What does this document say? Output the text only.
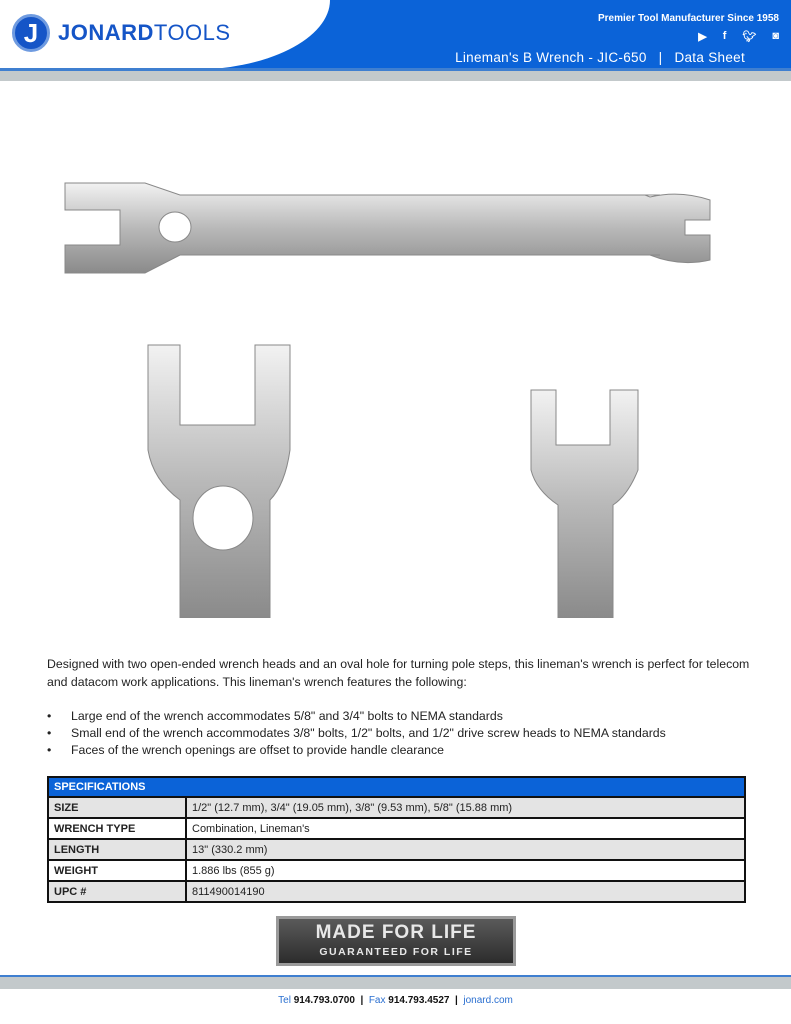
J JONARDTOOLS
Premier Tool Manufacturer Since 1958
▶ f 🐦︎ ◙
Lineman's B Wrench - JIC-650 | Data Sheet

Designed with two open-ended wrench heads and an oval hole for turning pole steps, this lineman's wrench is perfect for telecom and datacom work applications. This lineman's wrench features the following:

• Large end of the wrench accommodates 5/8" and 3/4" bolts to NEMA standards
• Small end of the wrench accommodates 3/8" bolts, 1/2" bolts, and 1/2" drive screw heads to NEMA standards
• Faces of the wrench openings are offset to provide handle clearance
SPECIFICATIONS	
SIZE	1/2" (12.7 mm), 3/4" (19.05 mm), 3/8" (9.53 mm), 5/8" (15.88 mm)
WRENCH TYPE	Combination, Lineman's
LENGTH	13" (330.2 mm)
WEIGHT	1.886 lbs (855 g)
UPC #	811490014190
MADE FOR LIFE
GUARANTEED FOR LIFE
Tel 914.793.0700 | Fax 914.793.4527 | jonard.com
